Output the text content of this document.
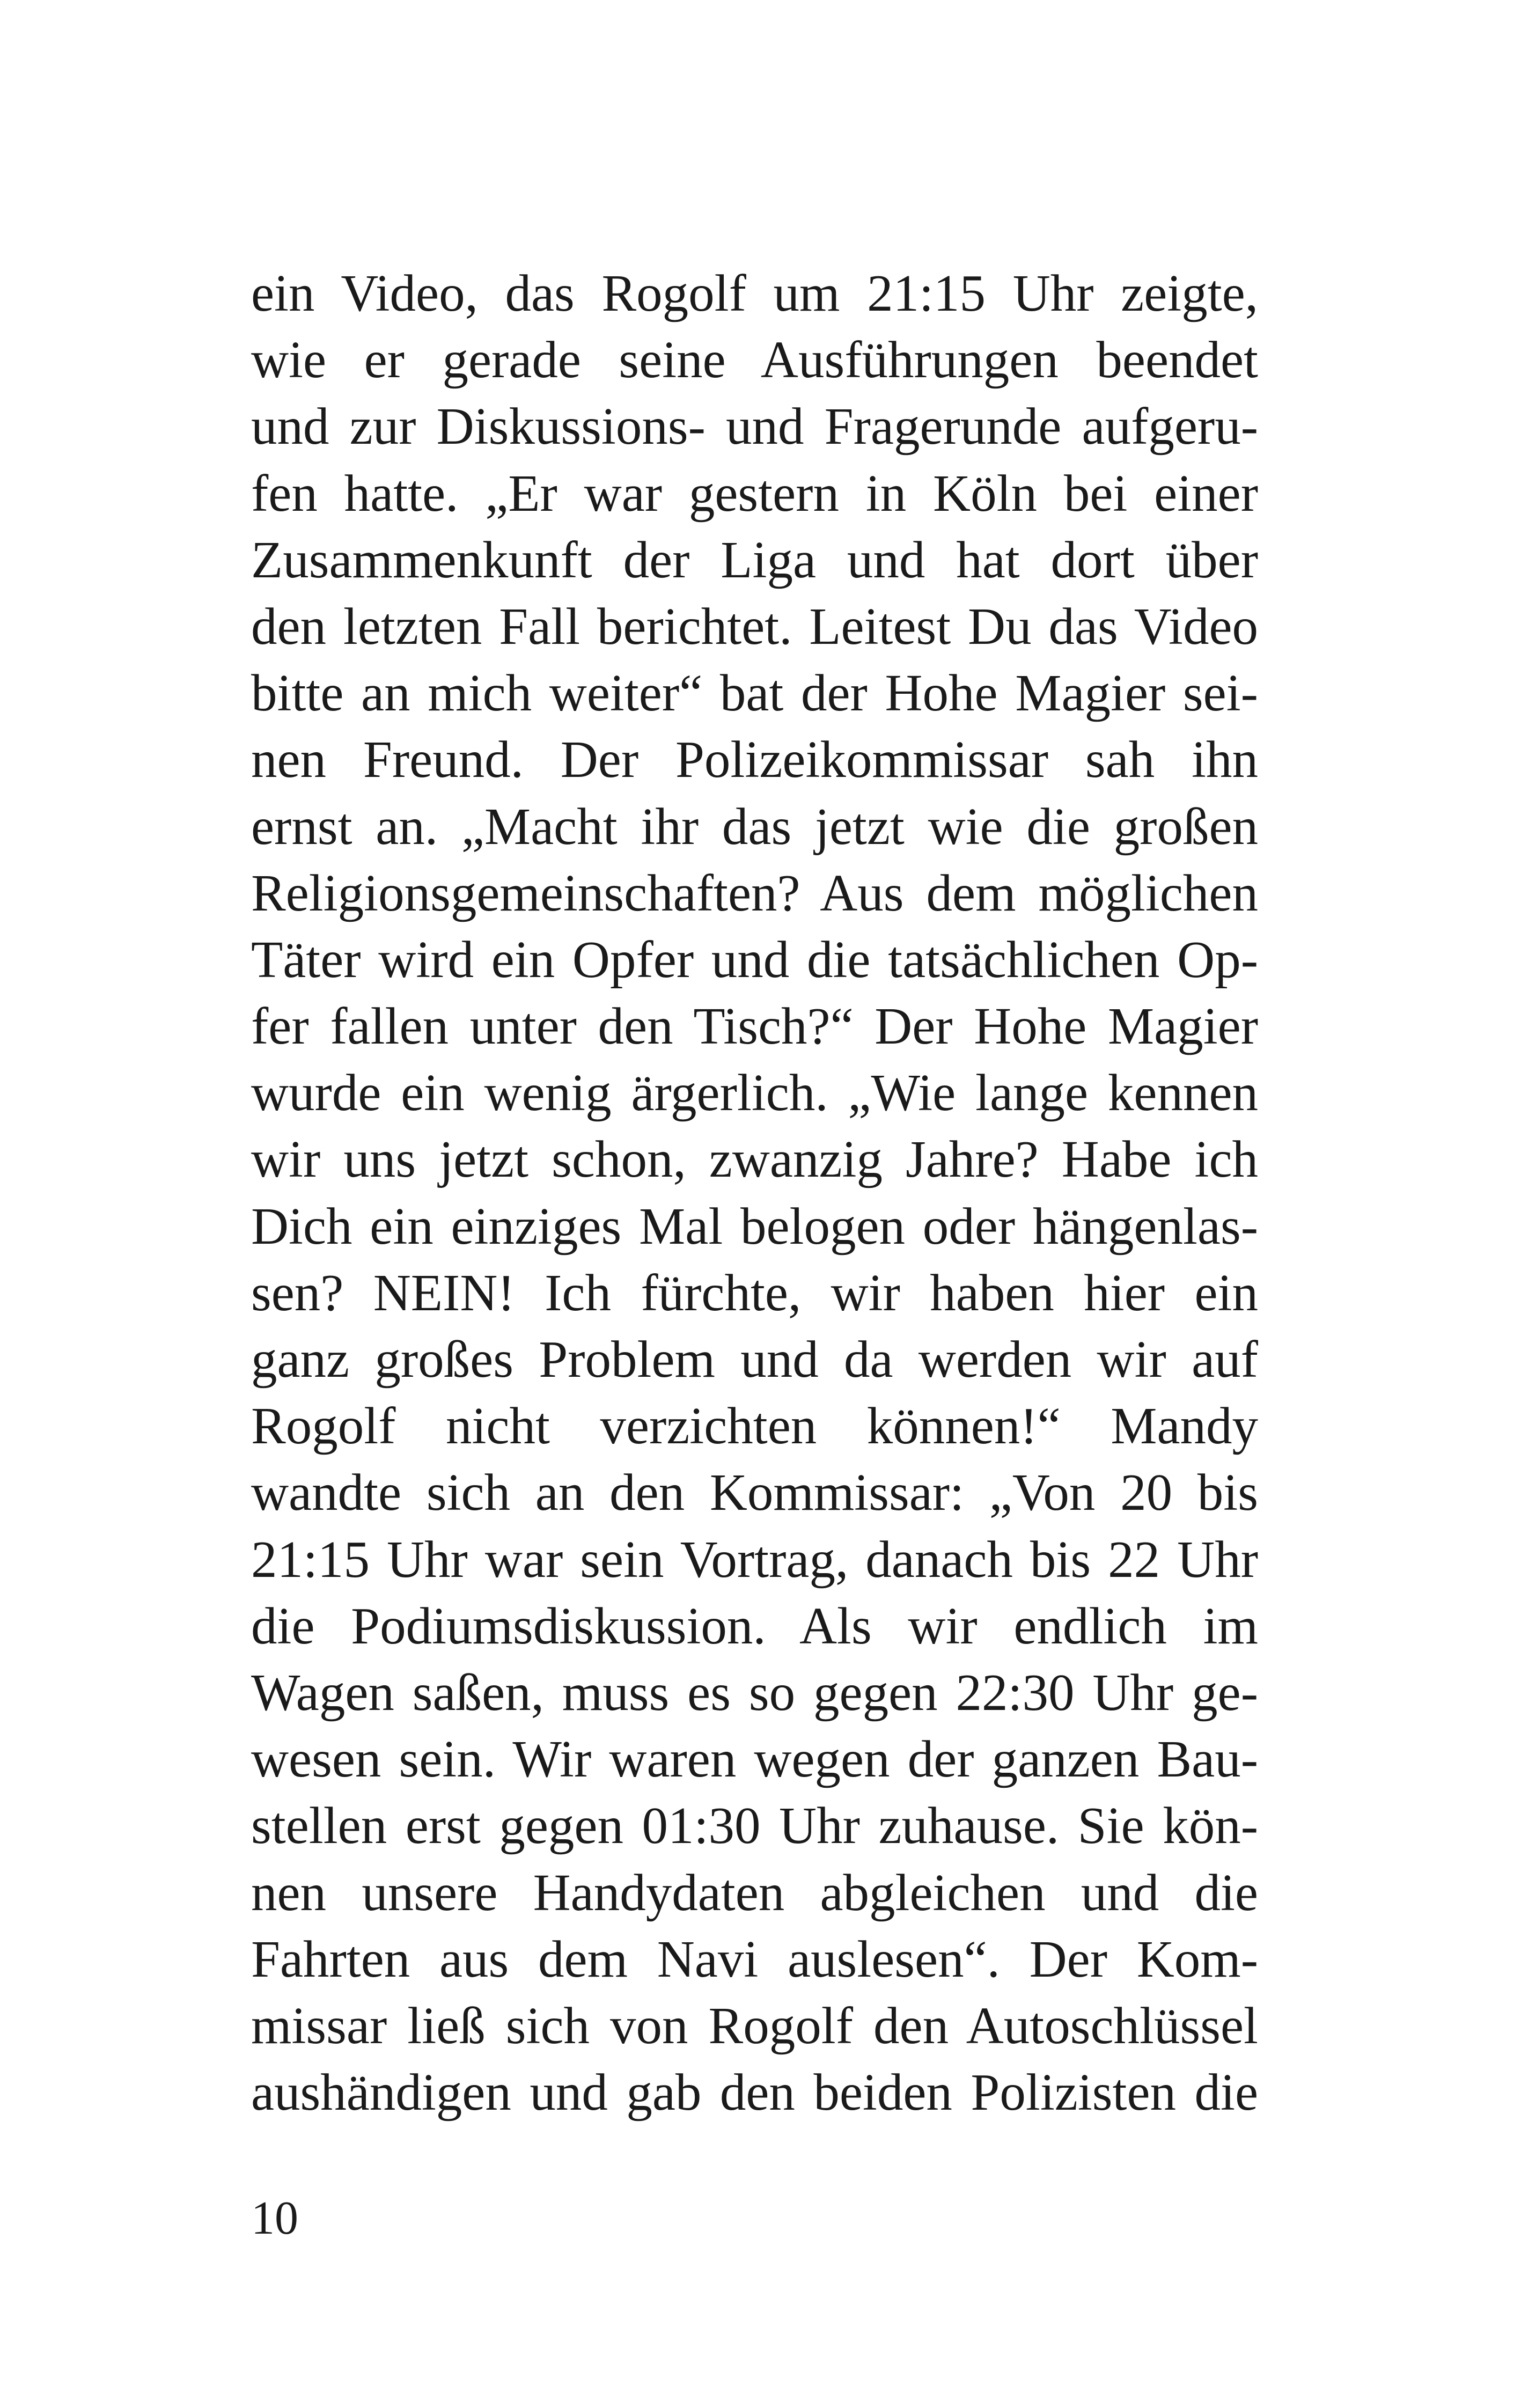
ein Video, das Rogolf um 21:15 Uhr zeigte,
wie er gerade seine Ausführungen beendet
und zur Diskussions- und Fragerunde aufgeru-
fen hatte. „Er war gestern in Köln bei einer
Zusammenkunft der Liga und hat dort über
den letzten Fall berichtet. Leitest Du das Video
bitte an mich weiter“ bat der Hohe Magier sei-
nen Freund. Der Polizeikommissar sah ihn
ernst an. „Macht ihr das jetzt wie die großen
Religionsgemeinschaften? Aus dem möglichen
Täter wird ein Opfer und die tatsächlichen Op-
fer fallen unter den Tisch?“ Der Hohe Magier
wurde ein wenig ärgerlich. „Wie lange kennen
wir uns jetzt schon, zwanzig Jahre? Habe ich
Dich ein einziges Mal belogen oder hängenlas-
sen? NEIN! Ich fürchte, wir haben hier ein
ganz großes Problem und da werden wir auf
Rogolf nicht verzichten können!“ Mandy
wandte sich an den Kommissar: „Von 20 bis
21:15 Uhr war sein Vortrag, danach bis 22 Uhr
die Podiumsdiskussion. Als wir endlich im
Wagen saßen, muss es so gegen 22:30 Uhr ge-
wesen sein. Wir waren wegen der ganzen Bau-
stellen erst gegen 01:30 Uhr zuhause. Sie kön-
nen unsere Handydaten abgleichen und die
Fahrten aus dem Navi auslesen“. Der Kom-
missar ließ sich von Rogolf den Autoschlüssel
aushändigen und gab den beiden Polizisten die
10
